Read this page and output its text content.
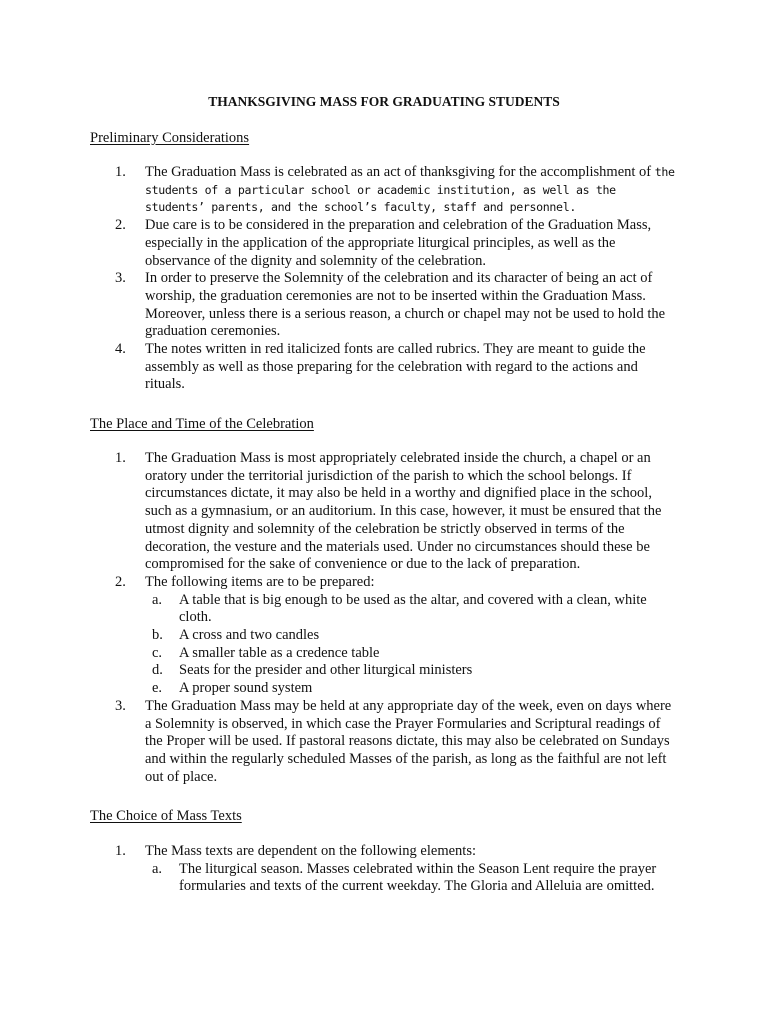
THANKSGIVING MASS FOR GRADUATING STUDENTS
Preliminary Considerations
1. The Graduation Mass is celebrated as an act of thanksgiving for the accomplishment of the students of a particular school or academic institution, as well as the students’ parents, and the school’s faculty, staff and personnel.
2. Due care is to be considered in the preparation and celebration of the Graduation Mass, especially in the application of the appropriate liturgical principles, as well as the observance of the dignity and solemnity of the celebration.
3. In order to preserve the Solemnity of the celebration and its character of being an act of worship, the graduation ceremonies are not to be inserted within the Graduation Mass. Moreover, unless there is a serious reason, a church or chapel may not be used to hold the graduation ceremonies.
4. The notes written in red italicized fonts are called rubrics. They are meant to guide the assembly as well as those preparing for the celebration with regard to the actions and rituals.
The Place and Time of the Celebration
1. The Graduation Mass is most appropriately celebrated inside the church, a chapel or an oratory under the territorial jurisdiction of the parish to which the school belongs. If circumstances dictate, it may also be held in a worthy and dignified place in the school, such as a gymnasium, or an auditorium. In this case, however, it must be ensured that the utmost dignity and solemnity of the celebration be strictly observed in terms of the decoration, the vesture and the materials used. Under no circumstances should these be compromised for the sake of convenience or due to the lack of preparation.
2. The following items are to be prepared:
a. A table that is big enough to be used as the altar, and covered with a clean, white cloth.
b. A cross and two candles
c. A smaller table as a credence table
d. Seats for the presider and other liturgical ministers
e. A proper sound system
3. The Graduation Mass may be held at any appropriate day of the week, even on days where a Solemnity is observed, in which case the Prayer Formularies and Scriptural readings of the Proper will be used. If pastoral reasons dictate, this may also be celebrated on Sundays and within the regularly scheduled Masses of the parish, as long as the faithful are not left out of place.
The Choice of Mass Texts
1. The Mass texts are dependent on the following elements:
a. The liturgical season. Masses celebrated within the Season Lent require the prayer formularies and texts of the current weekday. The Gloria and Alleluia are omitted.
